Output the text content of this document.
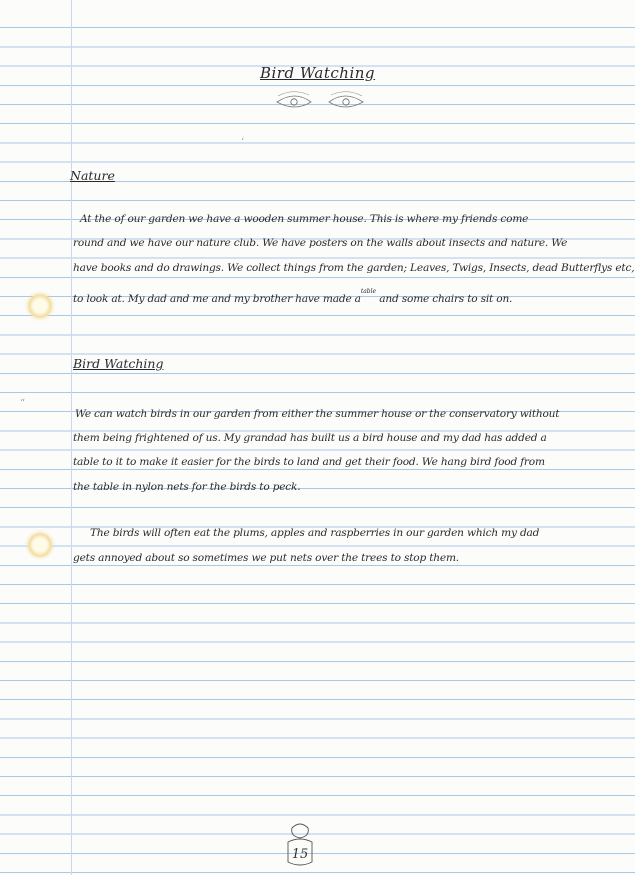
‘
“
Bird Watching
Nature
At the of our garden we have a wooden summer house. This is where my friends come
round and we have our nature club. We have posters on the walls about insects and nature. We
have books and do drawings. We collect things from the garden; Leaves, Twigs, Insects, dead Butterflys etc,
to look at. My dad and me and my brother have made $a^{table}$ and some chairs to sit on.
Bird Watching
We can watch birds in our garden from either the summer house or the conservatory without
them being frightened of us. My grandad has built us a bird house and my dad has added a
table to it to make it easier for the birds to land and get their food. We hang bird food from
the table in nylon nets for the birds to peck.
The birds will often eat the plums, apples and raspberries in our garden which my dad
gets annoyed about so sometimes we put nets over the trees to stop them.
15
